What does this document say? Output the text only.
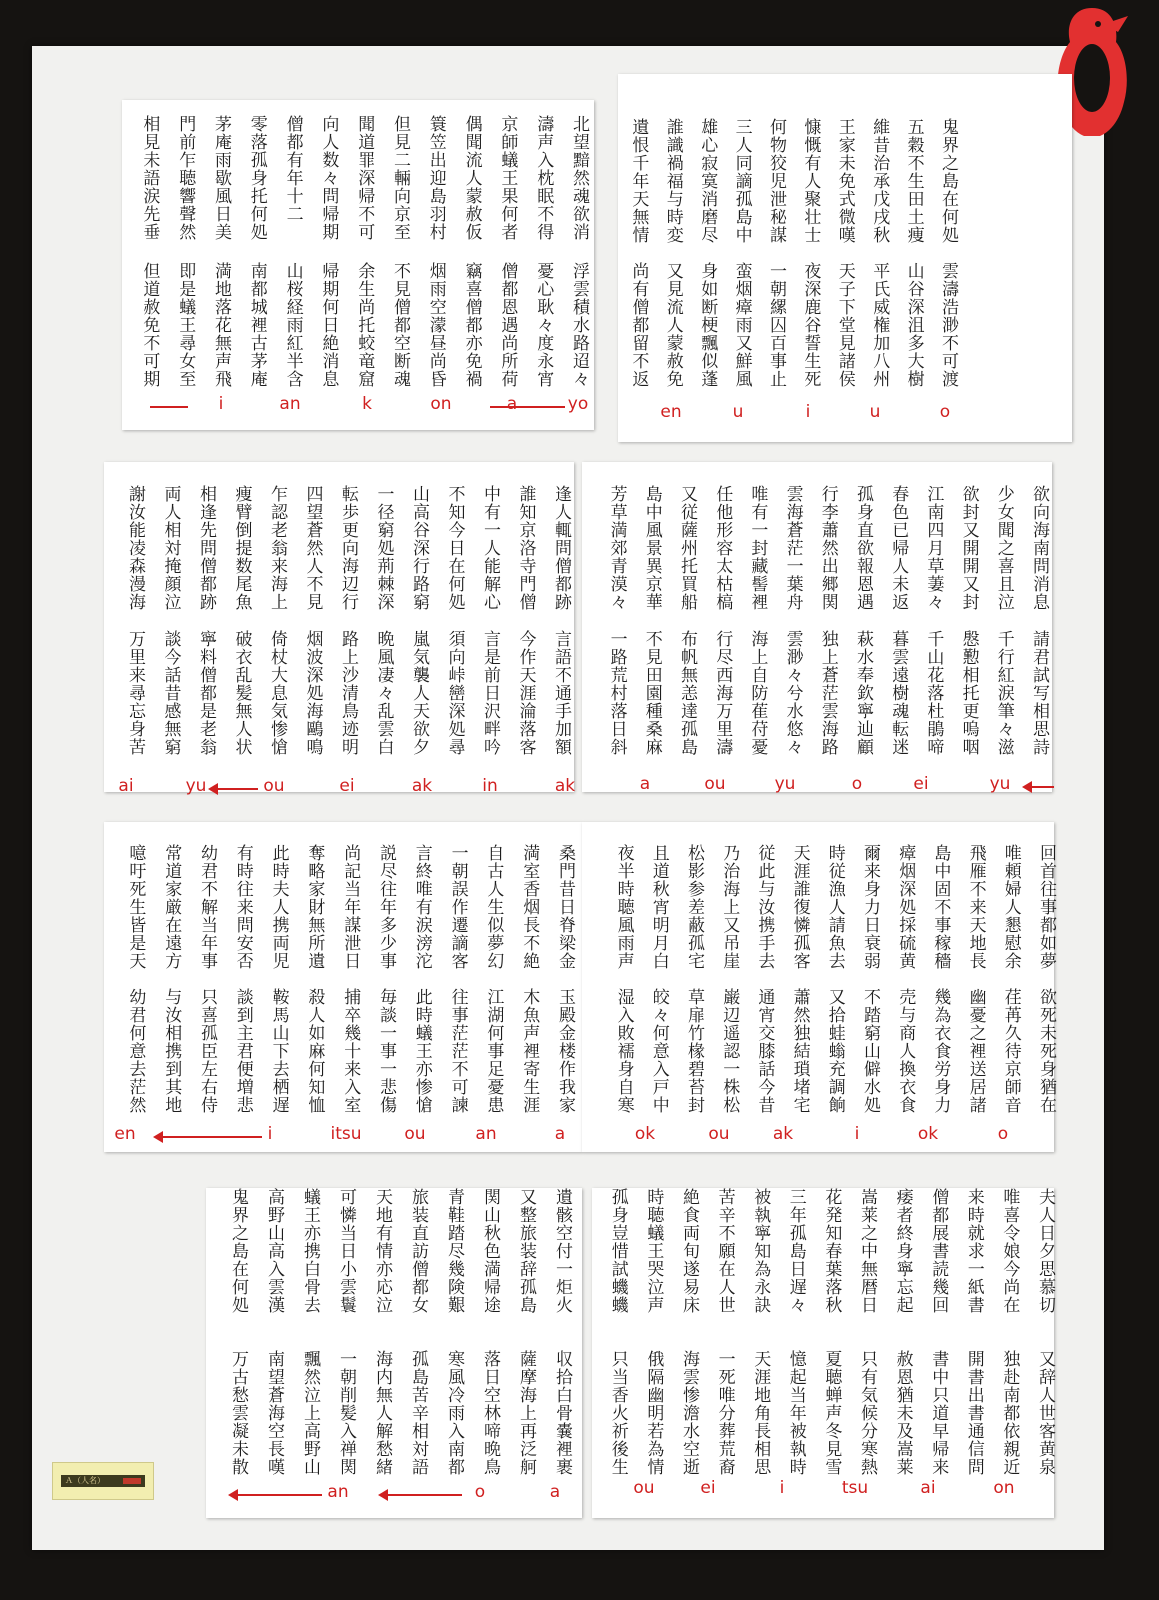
Ａ（人名）
鬼界之島在何処
雲濤浩渺不可渡
五穀不生田土痩
山谷深沮多大樹
維昔治承戊戌秋
平氏威権加八州
王家未免式微嘆
天子下堂見諸侯
慷慨有人聚壮士
夜深鹿谷誓生死
何物狡児泄秘謀
一朝縲囚百事止
三人同謫孤島中
蛮烟瘴雨又鮮風
雄心寂寞消磨尽
身如断梗飄似蓬
誰識禍福与時変
又見流人蒙赦免
遺恨千年天無情
尚有僧都留不返
o
u
i
u
en
北望黯然魂欲消
浮雲積水路迢々
濤声入枕眠不得
憂心耿々度永宵
京師蟻王果何者
僧都恩遇尚所荷
偶聞流人蒙赦仮
竊喜僧都亦免禍
簑笠出迎島羽村
烟雨空濛昼尚昏
但見二輛向京至
不見僧都空断魂
聞道罪深帰不可
余生尚托蛟竜窟
向人数々問帰期
帰期何日絶消息
僧都有年十二
山桜経雨紅半含
零落孤身托何処
南都城裡古茅庵
茅庵雨歇風日美
満地落花無声飛
門前乍聴響聲然
即是蟻王尋女至
相見未語涙先垂
但道赦免不可期
yo
a
on
k
an
i
欲向海南問消息
請君試写相思詩
少女聞之喜且泣
千行紅涙筆々滋
欲封又開開又封
慇懃相托更嗚咽
江南四月草萋々
千山花落杜鵑啼
春色已帰人未返
暮雲遠樹魂転迷
孤身直欲報恩遇
萩水奉欽寧辿顧
行李蕭然出郷関
独上蒼茫雲海路
雲海蒼茫一葉舟
雲渺々兮水悠々
唯有一封藏髻裡
海上自防萑苻憂
任他形容太枯槁
行尽西海万里濤
又従薩州托買船
布帆無恙達孤島
島中風景異京華
不見田園種桑麻
芳草満郊青漠々
一路荒村落日斜
yu
ei
o
yu
ou
a
逢人輒問僧都跡
言語不通手加額
誰知京洛寺門僧
今作天涯淪落客
中有一人能解心
言是前日沢畔吟
不知今日在何処
須向峠巒深処尋
山高谷深行路窮
嵐気襲人天欲夕
一径窮処荊棘深
晩風凄々乱雲白
転歩更向海辺行
路上沙清鳥迹明
四望蒼然人不見
烟波深処海鷗鳴
乍認老翁来海上
倚杖大息気惨愴
痩臂倒提数尾魚
破衣乱髪無人状
相逢先問僧都跡
寧料僧都是老翁
両人相対掩顔泣
談今話昔感無窮
謝汝能凌森漫海
万里来尋忘身苦
ak
in
ak
ei
ou
yu
ai
桑門昔日脊梁金
玉殿金楼作我家
満室香烟長不絶
木魚声裡寄生涯
自古人生似夢幻
江湖何事足憂患
一朝誤作遷謫客
往事茫茫不可諫
言終唯有涙滂沱
此時蟻王亦惨愴
説尽往年多少事
毎談一事一悲傷
尚記当年謀泄日
捕卒幾十来入室
奪略家財無所遺
殺人如麻何知恤
此時夫人携両児
鞍馬山下去栖遅
有時往来問安否
談到主君便増悲
幼君不解当年事
只喜孤臣左右侍
常道家厳在遠方
与汝相携到其地
噫吁死生皆是天
幼君何意去茫然
a
an
ou
itsu
i
en
回首往事都如夢
欲死未死身猶在
唯頼婦人懇慰余
荏苒久待京師音
飛雁不来天地長
幽憂之裡送居諸
島中固不事稼穡
幾為衣食労身力
瘴烟深処採硫黄
売与商人換衣食
爾来身力日衰弱
不踏窮山僻水処
時従漁人請魚去
又拾蛙螉充調餉
天涯誰復憐孤客
蕭然独結瑣堵宅
従此与汝携手去
通宵交膝話今昔
乃治海上又吊崖
巌辺遥認一株松
松影参差蔽孤宅
草扉竹椽碧苔封
且道秋宵明月白
皎々何意入戸中
夜半時聴風雨声
湿入敗襦身自寒
o
ok
i
ak
ou
ok
遺骸空付一炬火
収拾白骨嚢裡裹
又整旅装辞孤島
薩摩海上再泛舸
関山秋色満帰途
落日空林啼晩鳥
青鞋踏尽幾険艱
寒風冷雨入南都
旅装直訪僧都女
孤島苦辛相対語
天地有情亦応泣
海内無人解愁緒
可憐当日小雲鬟
一朝削髪入禅関
蟻王亦携白骨去
飄然泣上高野山
高野山高入雲漢
南望蒼海空長嘆
鬼界之島在何処
万古愁雲凝未散
a
o
an
夫人日夕思慕切
又辞人世客黄泉
唯喜令娘今尚在
独赴南都依親近
来時就求一紙書
開書出書通信問
僧都展書読幾回
書中只道早帰来
痿者終身寧忘起
赦恩猶未及嵩莱
嵩莱之中無暦日
只有気候分寒熱
花発知春葉落秋
夏聴蝉声冬見雪
三年孤島日遅々
憶起当年被執時
被執寧知為永訣
天涯地角長相思
苦辛不願在人世
一死唯分葬荒裔
絶食両旬遂易床
海雲惨澹水空逝
時聴蟻王哭泣声
俄隔幽明若為情
孤身豈惜試蟣蟣
只当香火祈後生
on
ai
tsu
i
ei
ou
